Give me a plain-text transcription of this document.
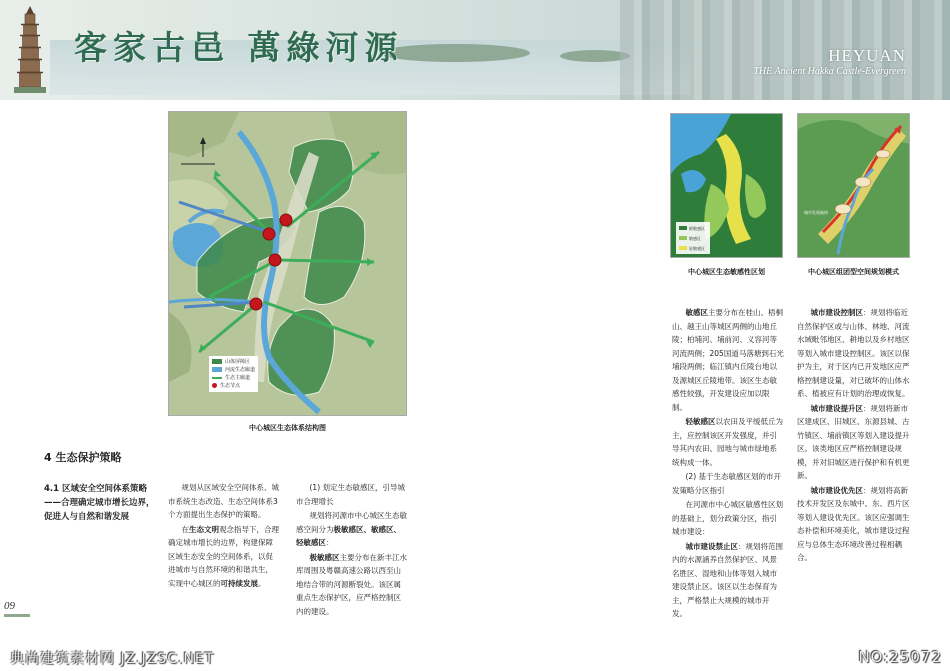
客家古邑 萬綠河源	HEYUAN
THE Ancient Hakka Castle-Evergreen
山体屏障区
河流生态廊道
生态主廊道
生态节点
中心城区生态体系结构图
极敏感区
敏感区
轻敏感区
中心城区生态敏感性区划
城市发展轴线
中心城区组团型空间规划模式
4 生态保护策略
4.1 区域安全空间体系策略——合理确定城市增长边界，促进人与自然和谐发展

规划从区域安全空间体系、城市系统生态改造、生态空间体系3个方面提出生态保护的策略。

在生态文明观念指导下，合理确定城市增长的边界，构建保障区域生态安全的空间体系，以促进城市与自然环境的和谐共生，实现中心城区的可持续发展。

(1) 划定生态敏感区，引导城市合理增长

规划将河源市中心城区生态敏感空间分为极敏感区、敏感区、轻敏感区：

极敏感区主要分布在新丰江水库周围及粤赣高速公路以西至山地结合带的河源断裂处。该区属重点生态保护区，应严格控制区内的建设。

敏感区主要分布在桂山、梧桐山、越王山等城区两侧的山地丘陵；柏埔河、埔前河、义容河等河流两侧；205国道马落塘到石光埔段两侧；临江镇内丘陵台地以及源城区丘陵地带。该区生态敏感性较强，开发建设应加以限制。

轻敏感区以农田及平缓低丘为主，应控制该区开发强度，并引导其内农田、园地与城市绿地系统构成一体。

(2) 基于生态敏感区划的市开发策略分区指引

在河源市中心城区敏感性区划的基础上，划分政策分区，指引城市建设：

城市建设禁止区：规划将范围内的水源涵养自然保护区、风景名胜区、湿地和山体等划入城市建设禁止区。该区以生态保育为主，严格禁止大规模的城市开发。

城市建设控制区：规划将临近自然保护区或与山体、林地、河流水域毗邻地区、耕地以及乡村地区等划入城市建设控制区。该区以保护为主，对于区内已开发地区应严格控制建设量，对已破坏的山体水系、植被应有计划的治理或恢复。

城市建设提升区：规划将新市区建成区、旧城区、东源县城、古竹镇区、埔前镇区等划入建设提升区。该类地区应严格控制建设规模，并对旧城区进行保护和有机更新。

城市建设优先区：规划将高新技术开发区及东城中、东、西片区等划入建设优先区。该区应强调生态补偿和环境美化，城市建设过程应与总体生态环境改善过程相耦合。

09
典尚建筑素材网 JZ.JZSC.NET	NO:25072
